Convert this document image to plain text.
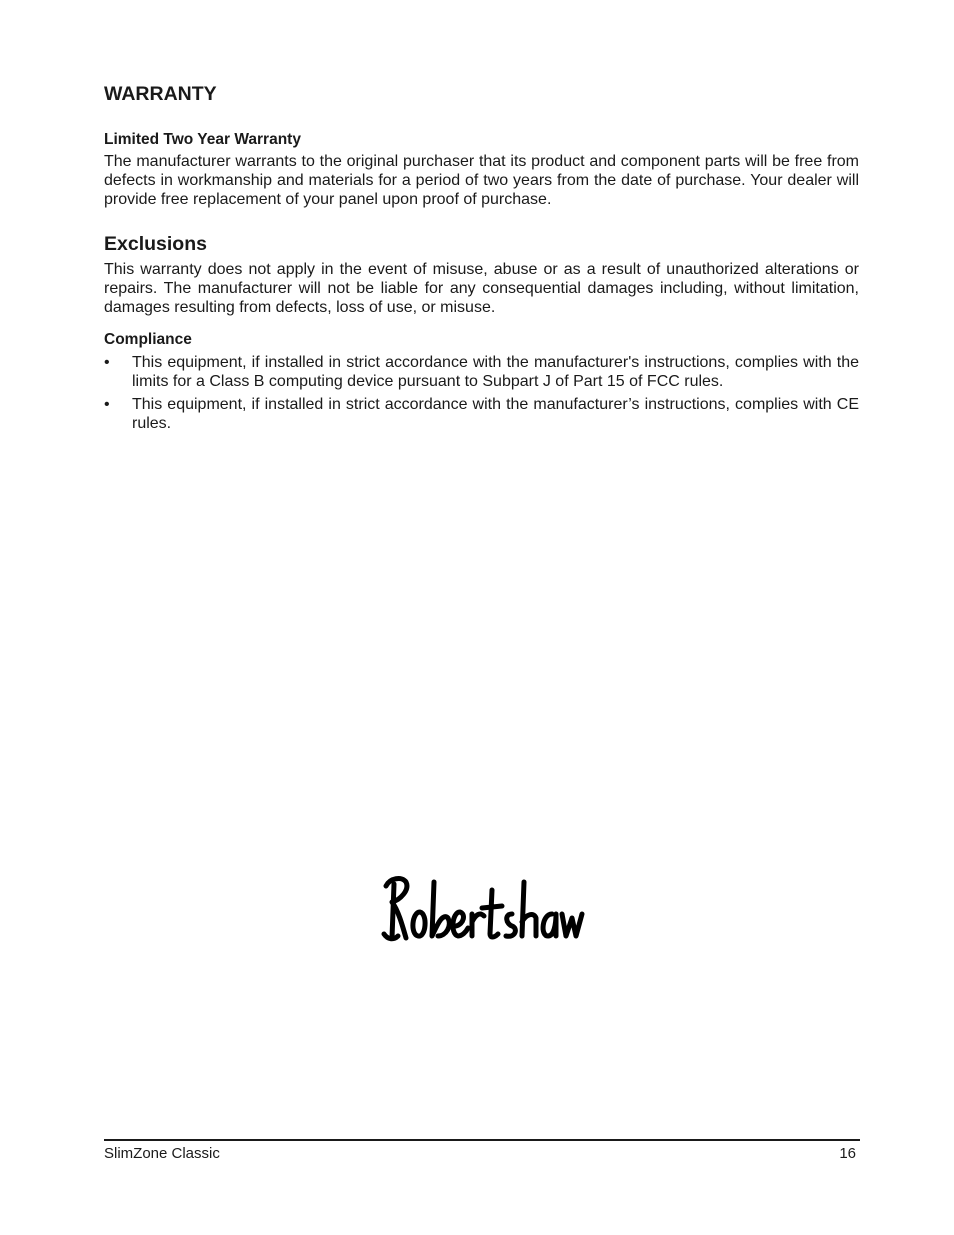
WARRANTY
Limited Two Year Warranty

The manufacturer warrants to the original purchaser that its product and component parts will be free from defects in workmanship and materials for a period of two years from the date of purchase. Your dealer will provide free replacement of your panel upon proof of purchase.

Exclusions

This warranty does not apply in the event of misuse, abuse or as a result of unauthorized alterations or repairs. The manufacturer will not be liable for any consequential damages including, without limitation, damages resulting from defects, loss of use, or misuse.

Compliance
• This equipment, if installed in strict accordance with the manufacturer's instructions, complies with the limits for a Class B computing device pursuant to Subpart J of Part 15 of FCC rules.
• This equipment, if installed in strict accordance with the manufacturer’s instructions, complies with CE rules.
SlimZone Classic	16
